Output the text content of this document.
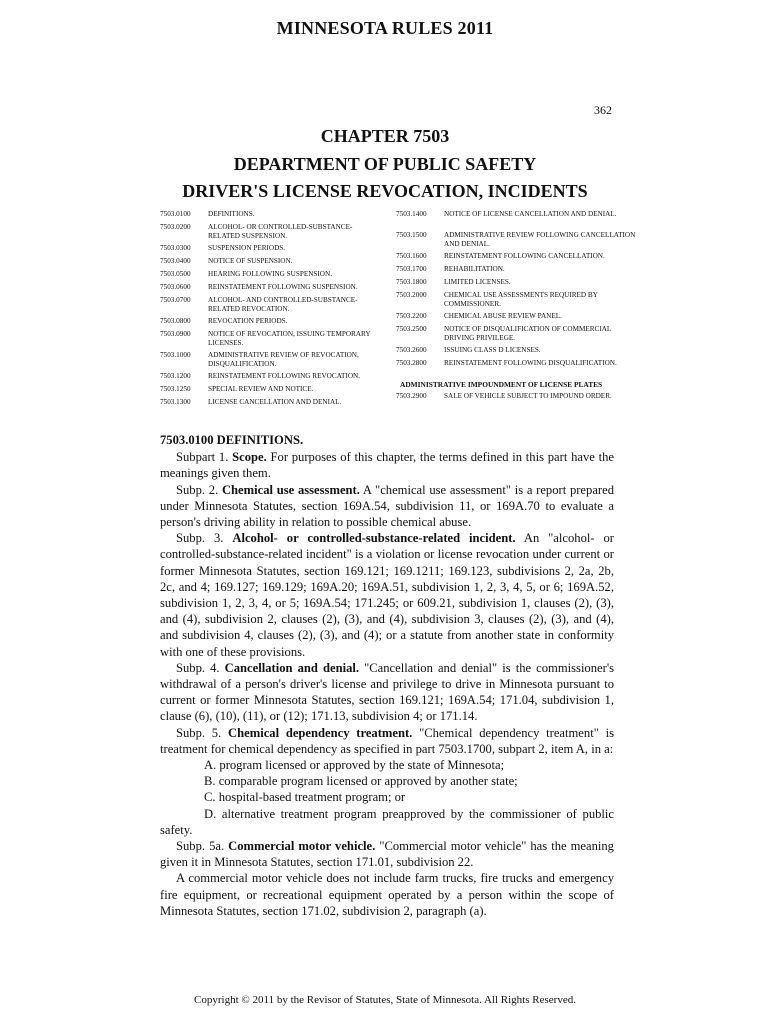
MINNESOTA RULES 2011
362
CHAPTER 7503
DEPARTMENT OF PUBLIC SAFETY
DRIVER'S LICENSE REVOCATION, INCIDENTS
7503.0100	DEFINITIONS.
7503.0200	ALCOHOL- OR CONTROLLED-SUBSTANCE-RELATED SUSPENSION.
7503.0300	SUSPENSION PERIODS.
7503.0400	NOTICE OF SUSPENSION.
7503.0500	HEARING FOLLOWING SUSPENSION.
7503.0600	REINSTATEMENT FOLLOWING SUSPENSION.
7503.0700	ALCOHOL- AND CONTROLLED-SUBSTANCE-RELATED REVOCATION.
7503.0800	REVOCATION PERIODS.
7503.0900	NOTICE OF REVOCATION, ISSUING TEMPORARY LICENSES.
7503.1000	ADMINISTRATIVE REVIEW OF REVOCATION, DISQUALIFICATION.
7503.1200	REINSTATEMENT FOLLOWING REVOCATION.
7503.1250	SPECIAL REVIEW AND NOTICE.
7503.1300	LICENSE CANCELLATION AND DENIAL.
7503.1400	NOTICE OF LICENSE CANCELLATION AND DENIAL.
7503.1500	ADMINISTRATIVE REVIEW FOLLOWING CANCELLATION AND DENIAL.
7503.1600	REINSTATEMENT FOLLOWING CANCELLATION.
7503.1700	REHABILITATION.
7503.1800	LIMITED LICENSES.
7503.2000	CHEMICAL USE ASSESSMENTS REQUIRED BY COMMISSIONER.
7503.2200	CHEMICAL ABUSE REVIEW PANEL.
7503.2500	NOTICE OF DISQUALIFICATION OF COMMERCIAL DRIVING PRIVILEGE.
7503.2600	ISSUING CLASS D LICENSES.
7503.2800	REINSTATEMENT FOLLOWING DISQUALIFICATION.
ADMINISTRATIVE IMPOUNDMENT OF LICENSE PLATES
7503.2900	SALE OF VEHICLE SUBJECT TO IMPOUND ORDER.

7503.0100 DEFINITIONS.

Subpart 1. Scope. For purposes of this chapter, the terms defined in this part have the meanings given them.

Subp. 2. Chemical use assessment. A "chemical use assessment" is a report prepared under Minnesota Statutes, section 169A.54, subdivision 11, or 169A.70 to evaluate a person's driving ability in relation to possible chemical abuse.

Subp. 3. Alcohol- or controlled-substance-related incident. An "alcohol- or controlled-substance-related incident" is a violation or license revocation under current or former Minnesota Statutes, section 169.121; 169.1211; 169.123, subdivisions 2, 2a, 2b, 2c, and 4; 169.127; 169.129; 169A.20; 169A.51, subdivision 1, 2, 3, 4, 5, or 6; 169A.52, subdivision 1, 2, 3, 4, or 5; 169A.54; 171.245; or 609.21, subdivision 1, clauses (2), (3), and (4), subdivision 2, clauses (2), (3), and (4), subdivision 3, clauses (2), (3), and (4), and subdivision 4, clauses (2), (3), and (4); or a statute from another state in conformity with one of these provisions.

Subp. 4. Cancellation and denial. "Cancellation and denial" is the commissioner's withdrawal of a person's driver's license and privilege to drive in Minnesota pursuant to current or former Minnesota Statutes, section 169.121; 169A.54; 171.04, subdivision 1, clause (6), (10), (11), or (12); 171.13, subdivision 4; or 171.14.

Subp. 5. Chemical dependency treatment. "Chemical dependency treatment" is treatment for chemical dependency as specified in part 7503.1700, subpart 2, item A, in a:

A. program licensed or approved by the state of Minnesota;

B. comparable program licensed or approved by another state;

C. hospital-based treatment program; or

D. alternative treatment program preapproved by the commissioner of public safety.

Subp. 5a. Commercial motor vehicle. "Commercial motor vehicle" has the meaning given it in Minnesota Statutes, section 171.01, subdivision 22.

A commercial motor vehicle does not include farm trucks, fire trucks and emergency fire equipment, or recreational equipment operated by a person within the scope of Minnesota Statutes, section 171.02, subdivision 2, paragraph (a).

Copyright © 2011 by the Revisor of Statutes, State of Minnesota. All Rights Reserved.
